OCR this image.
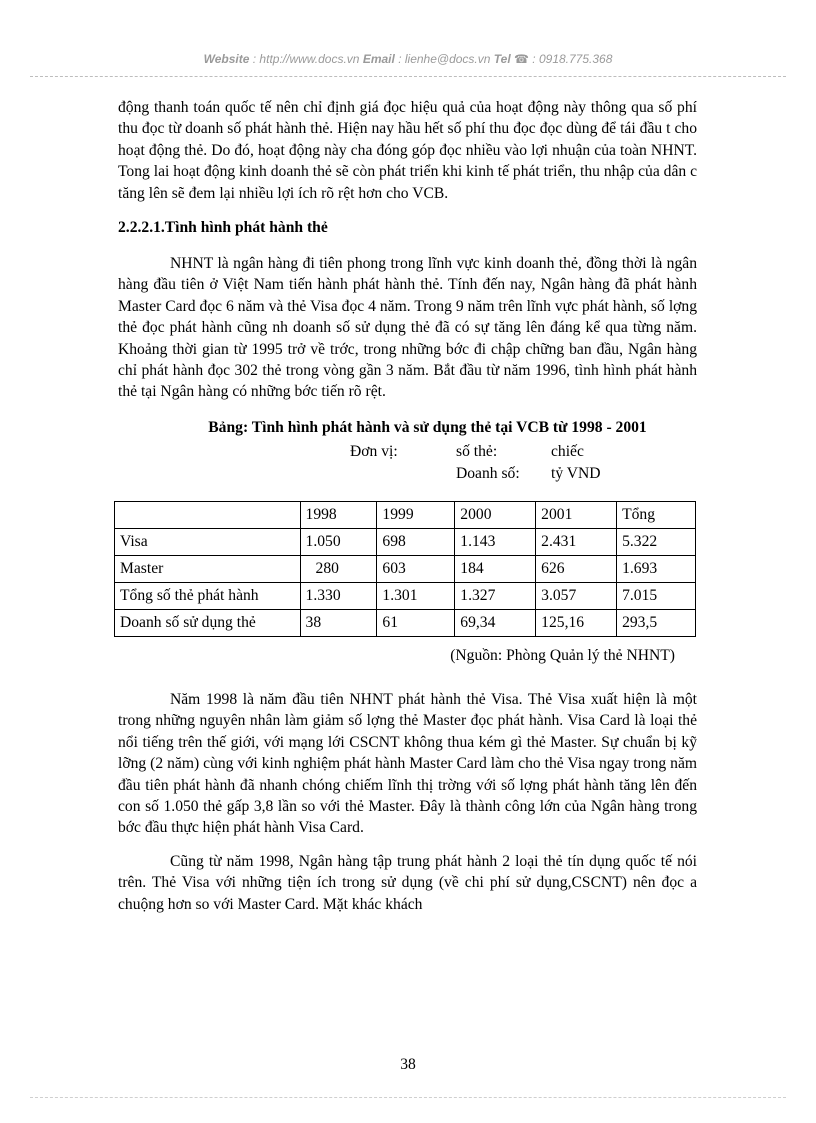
Website : http://www.docs.vn Email : lienhe@docs.vn Tel ☎ : 0918.775.368

động thanh toán quốc tế nên chỉ định giá đọc hiệu quả của hoạt động này thông qua số phí thu đọc từ doanh số phát hành thẻ. Hiện nay hầu hết số phí thu đọc đọc dùng để tái đầu t cho hoạt động thẻ. Do đó, hoạt động này cha đóng góp đọc nhiều vào lợi nhuận của toàn NHNT. Tong lai hoạt động kinh doanh thẻ sẽ còn phát triển khi kinh tế phát triển, thu nhập của dân c tăng lên sẽ đem lại nhiều lợi ích rõ rệt hơn cho VCB.

2.2.2.1.Tình hình phát hành thẻ

NHNT là ngân hàng đi tiên phong trong lĩnh vực kinh doanh thẻ, đồng thời là ngân hàng đầu tiên ở Việt Nam tiến hành phát hành thẻ. Tính đến nay, Ngân hàng đã phát hành Master Card đọc 6 năm và thẻ Visa đọc 4 năm. Trong 9 năm trên lĩnh vực phát hành, số lợng thẻ đọc phát hành cũng nh doanh số sử dụng thẻ đã có sự tăng lên đáng kể qua từng năm. Khoảng thời gian từ 1995 trở về trớc, trong những bớc đi chập chững ban đầu, Ngân hàng chỉ phát hành đọc 302 thẻ trong vòng gần 3 năm. Bắt đầu từ năm 1996, tình hình phát hành thẻ tại Ngân hàng có những bớc tiến rõ rệt.

Bảng: Tình hình phát hành và sử dụng thẻ tại VCB từ 1998 - 2001
Đơn vị:	số thẻ:	chiếc
Doanh số: tỷ VND
	1998	1999	2000	2001	Tổng
Visa	1.050	698	1.143	2.431	5.322
Master	280	603	184	626	1.693
Tổng số thẻ phát hành	1.330	1.301	1.327	3.057	7.015
Doanh số sử dụng thẻ	38	61	69,34	125,16	293,5
(Nguồn: Phòng Quản lý thẻ NHNT)

Năm 1998 là năm đầu tiên NHNT phát hành thẻ Visa. Thẻ Visa xuất hiện là một trong những nguyên nhân làm giảm số lợng thẻ Master đọc phát hành. Visa Card là loại thẻ nổi tiếng trên thế giới, với mạng lới CSCNT không thua kém gì thẻ Master. Sự chuẩn bị kỹ lỡng (2 năm) cùng với kinh nghiệm phát hành Master Card làm cho thẻ Visa ngay trong năm đầu tiên phát hành đã nhanh chóng chiếm lĩnh thị trờng với số lợng phát hành tăng lên đến con số 1.050 thẻ gấp 3,8 lần so với thẻ Master. Đây là thành công lớn của Ngân hàng trong bớc đầu thực hiện phát hành Visa Card.

Cũng từ năm 1998, Ngân hàng tập trung phát hành 2 loại thẻ tín dụng quốc tế nói trên. Thẻ Visa với những tiện ích trong sử dụng (về chi phí sử dụng,CSCNT) nên đọc a chuộng hơn so với Master Card. Mặt khác khách

38
